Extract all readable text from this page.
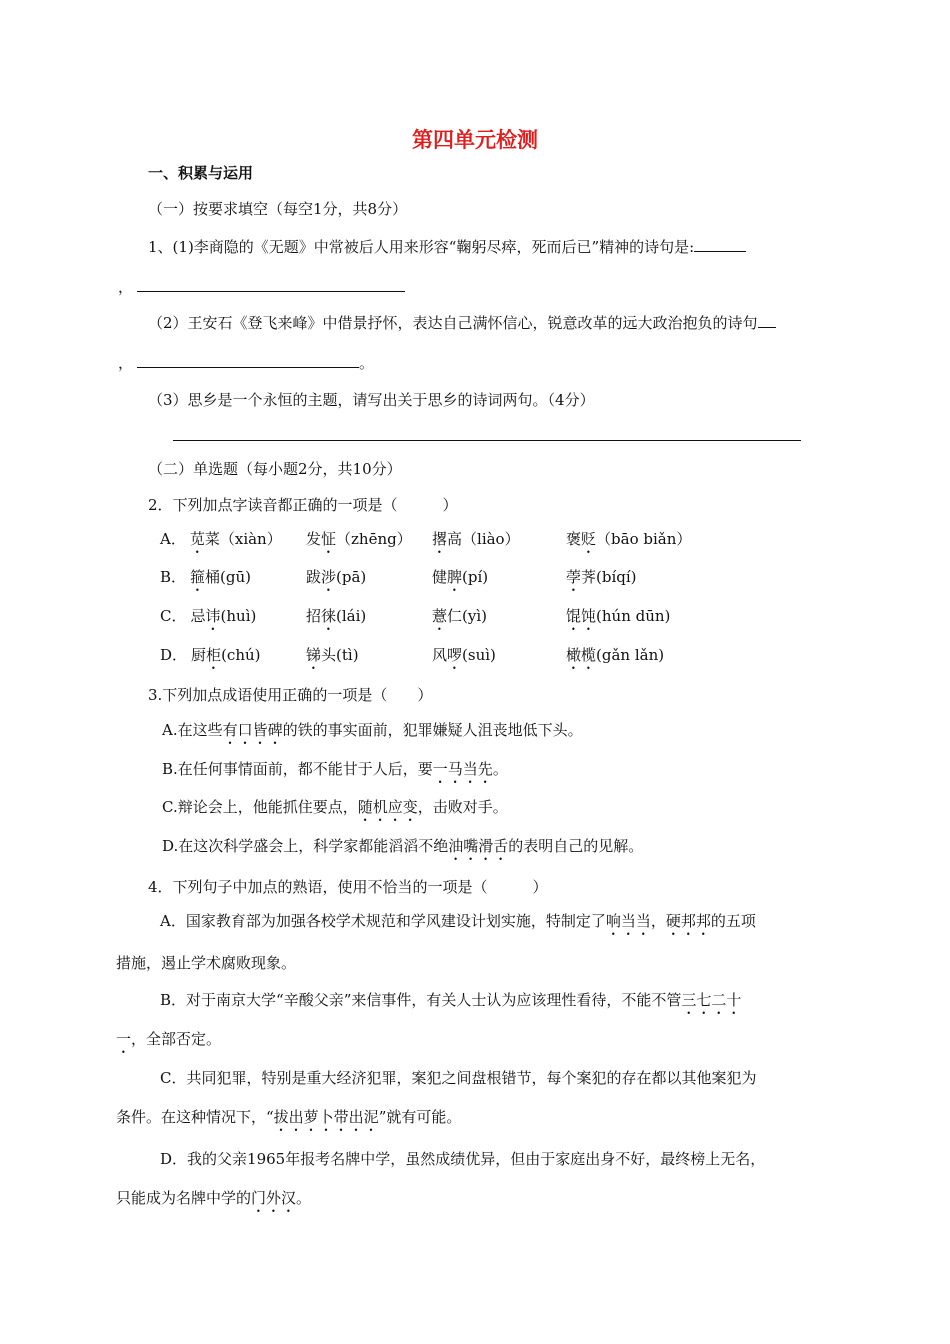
第四单元检测
一、积累与运用
（一）按要求填空（每空1分，共8分）
1、(1)李商隐的《无题》中常被后人用来形容“鞠躬尽瘁，死而后已”精神的诗句是:
，
（2）王安石《登飞来峰》中借景抒怀，表达自己满怀信心，锐意改革的远大政治抱负的诗句
，	。
（3）思乡是一个永恒的主题，请写出关于思乡的诗词两句。（4分）
（二）单选题（每小题2分，共10分）
2．下列加点字读音都正确的一项是（　　　）
A． 苋菜（xiàn） 发怔（zhēng） 撂高（liào）	褒贬（bāo biǎn）
B． 箍桶(gū)	跋涉(pā)	健脾(pí)	荸荠(bíqí)
C． 忌讳(huì)	招徕(lái)	薏仁(yì)	馄饨(hún dūn)
D． 厨柜(chú)	锑头(tì)	风啰(suì)	橄榄(gǎn lǎn)
3.下列加点成语使用正确的一项是（　　）
A.在这些有口皆碑的铁的事实面前，犯罪嫌疑人沮丧地低下头。
B.在任何事情面前，都不能甘于人后，要一马当先。
C.辩论会上，他能抓住要点，随机应变，击败对手。
D.在这次科学盛会上，科学家都能滔滔不绝油嘴滑舌的表明自己的见解。
4．下列句子中加点的熟语，使用不恰当的一项是（　　　）
A．国家教育部为加强各校学术规范和学风建设计划实施，特制定了响当当，硬邦邦的五项
措施，遏止学术腐败现象。
B．对于南京大学“辛酸父亲”来信事件，有关人士认为应该理性看待，不能不管三七二十
一，全部否定。
C．共同犯罪，特别是重大经济犯罪，案犯之间盘根错节，每个案犯的存在都以其他案犯为
条件。在这种情况下，“拔出萝卜带出泥”就有可能。
D．我的父亲1965年报考名牌中学，虽然成绩优异，但由于家庭出身不好，最终榜上无名，
只能成为名牌中学的门外汉。
